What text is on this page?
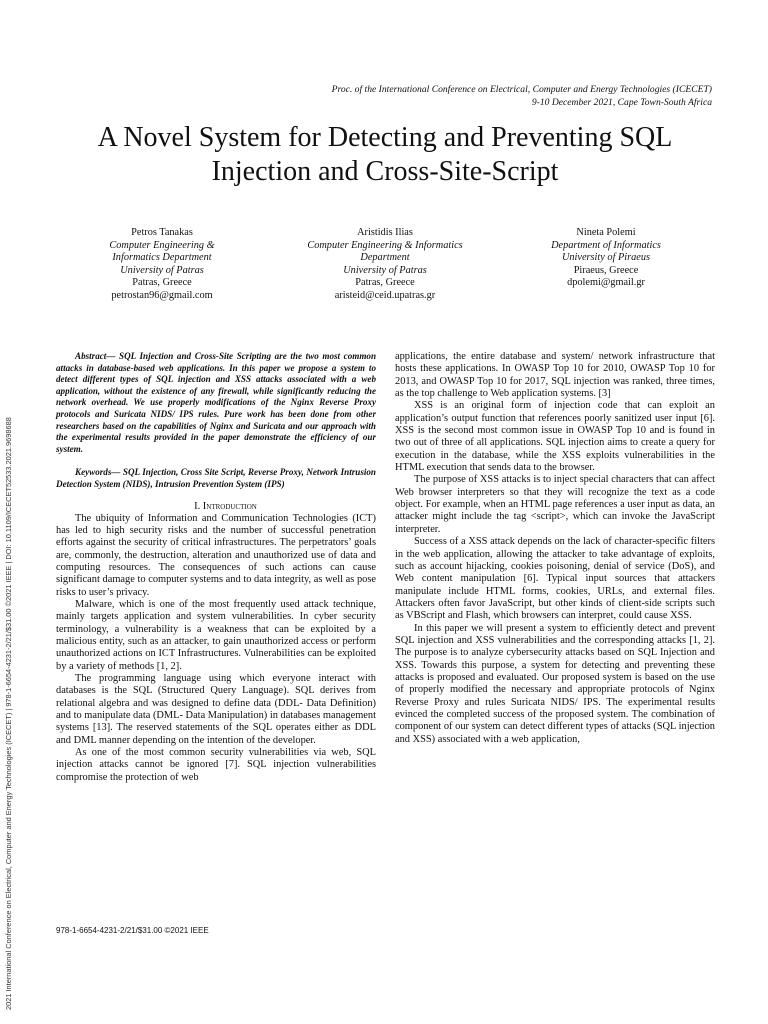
2021 International Conference on Electrical, Computer and Energy Technologies (ICECET) | 978-1-6654-4231-2/21/$31.00 ©2021 IEEE | DOI: 10.1109/ICECET52533.2021.9698688
Proc. of the International Conference on Electrical, Computer and Energy Technologies (ICECET)
9-10 December 2021, Cape Town-South Africa
A Novel System for Detecting and Preventing SQL
Injection and Cross-Site-Script
Petros Tanakas
Computer Engineering &
Informatics Department
University of Patras
Patras, Greece
petrostan96@gmail.com
Aristidis Ilias
Computer Engineering & Informatics
Department
University of Patras
Patras, Greece
aristeid@ceid.upatras.gr
Nineta Polemi
Department of Informatics
University of Piraeus
Piraeus, Greece
dpolemi@gmail.gr

Abstract— SQL Injection and Cross-Site Scripting are the two most common attacks in database-based web applications. In this paper we propose a system to detect different types of SQL injection and XSS attacks associated with a web application, without the existence of any firewall, while significantly reducing the network overhead. We use properly modifications of the Nginx Reverse Proxy protocols and Suricata NIDS/ IPS rules. Pure work has been done from other researchers based on the capabilities of Nginx and Suricata and our approach with the experimental results provided in the paper demonstrate the efficiency of our system.

Keywords— SQL Injection, Cross Site Script, Reverse Proxy, Network Intrusion Detection System (NIDS), Intrusion Prevention System (IPS)

I. Introduction

The ubiquity of Information and Communication Technologies (ICT) has led to high security risks and the number of successful penetration efforts against the security of critical infrastructures. The perpetrators’ goals are, commonly, the destruction, alteration and unauthorized use of data and computing resources. The consequences of such actions can cause significant damage to computer systems and to data integrity, as well as pose risks to user’s privacy.

Malware, which is one of the most frequently used attack technique, mainly targets application and system vulnerabilities. In cyber security terminology, a vulnerability is a weakness that can be exploited by a malicious entity, such as an attacker, to gain unauthorized access or perform unauthorized actions on ICT Infrastructures. Vulnerabilities can be exploited by a variety of methods [1, 2].

The programming language using which everyone interact with databases is the SQL (Structured Query Language). SQL derives from relational algebra and was designed to define data (DDL- Data Definition) and to manipulate data (DML- Data Manipulation) in databases management systems [13]. The reserved statements of the SQL operates either as DDL and DML manner depending on the intention of the developer.

As one of the most common security vulnerabilities via web, SQL injection attacks cannot be ignored [7]. SQL injection vulnerabilities compromise the protection of web

applications, the entire database and system/ network infrastructure that hosts these applications. In OWASP Top 10 for 2010, OWASP Top 10 for 2013, and OWASP Top 10 for 2017, SQL injection was ranked, three times, as the top challenge to Web application systems. [3]

XSS is an original form of injection code that can exploit an application’s output function that references poorly sanitized user input [6]. XSS is the second most common issue in OWASP Top 10 and is found in two out of three of all applications. SQL injection aims to create a query for execution in the database, while the XSS exploits vulnerabilities in the HTML execution that sends data to the browser.

The purpose of XSS attacks is to inject special characters that can affect Web browser interpreters so that they will recognize the text as a code object. For example, when an HTML page references a user input as data, an attacker might include the tag <script>, which can invoke the JavaScript interpreter.

Success of a XSS attack depends on the lack of character-specific filters in the web application, allowing the attacker to take advantage of exploits, such as account hijacking, cookies poisoning, denial of service (DoS), and Web content manipulation [6]. Typical input sources that attackers manipulate include HTML forms, cookies, URLs, and external files. Attackers often favor JavaScript, but other kinds of client-side scripts such as VBScript and Flash, which browsers can interpret, could cause XSS.

In this paper we will present a system to efficiently detect and prevent SQL injection and XSS vulnerabilities and the corresponding attacks [1, 2]. The purpose is to analyze cybersecurity attacks based on SQL Injection and XSS. Towards this purpose, a system for detecting and preventing these attacks is proposed and evaluated. Our proposed system is based on the use of properly modified the necessary and appropriate protocols of Nginx Reverse Proxy and rules Suricata NIDS/ IPS. The experimental results evinced the completed success of the proposed system. The combination of component of our system can detect different types of attacks (SQL injection and XSS) associated with a web application,

978-1-6654-4231-2/21/$31.00 ©2021 IEEE
